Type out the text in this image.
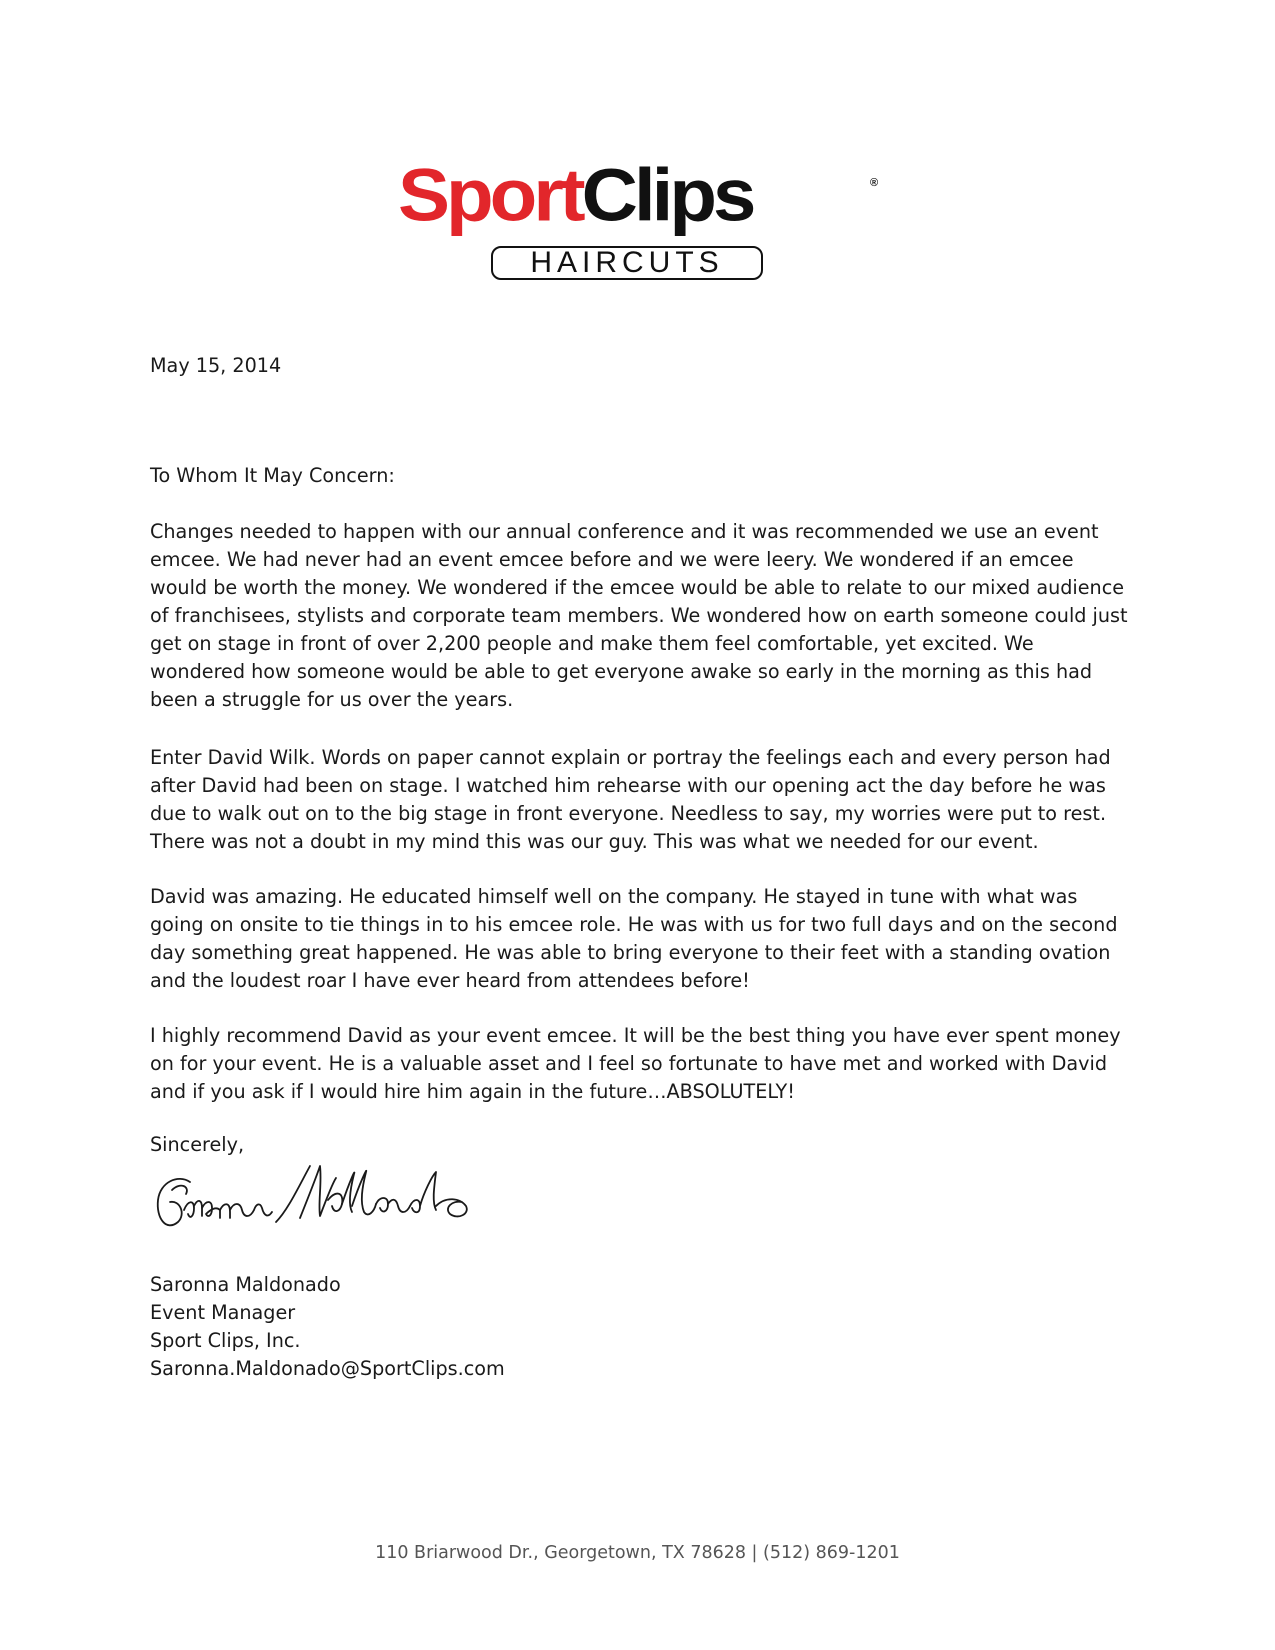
SportClips	®
HAIRCUTS

May 15, 2014

To Whom It May Concern:

Changes needed to happen with our annual conference and it was recommended we use an event emcee. We had never had an event emcee before and we were leery. We wondered if an emcee would be worth the money. We wondered if the emcee would be able to relate to our mixed audience of franchisees, stylists and corporate team members. We wondered how on earth someone could just get on stage in front of over 2,200 people and make them feel comfortable, yet excited. We wondered how someone would be able to get everyone awake so early in the morning as this had been a struggle for us over the years.

Enter David Wilk. Words on paper cannot explain or portray the feelings each and every person had after David had been on stage. I watched him rehearse with our opening act the day before he was due to walk out on to the big stage in front everyone. Needless to say, my worries were put to rest. There was not a doubt in my mind this was our guy. This was what we needed for our event.

David was amazing. He educated himself well on the company. He stayed in tune with what was going on onsite to tie things in to his emcee role. He was with us for two full days and on the second day something great happened. He was able to bring everyone to their feet with a standing ovation and the loudest roar I have ever heard from attendees before!

I highly recommend David as your event emcee. It will be the best thing you have ever spent money on for your event. He is a valuable asset and I feel so fortunate to have met and worked with David and if you ask if I would hire him again in the future…ABSOLUTELY!

Sincerely,

Saronna Maldonado
Event Manager
Sport Clips, Inc.
Saronna.Maldonado@SportClips.com
110 Briarwood Dr., Georgetown, TX 78628 | (512) 869-1201
